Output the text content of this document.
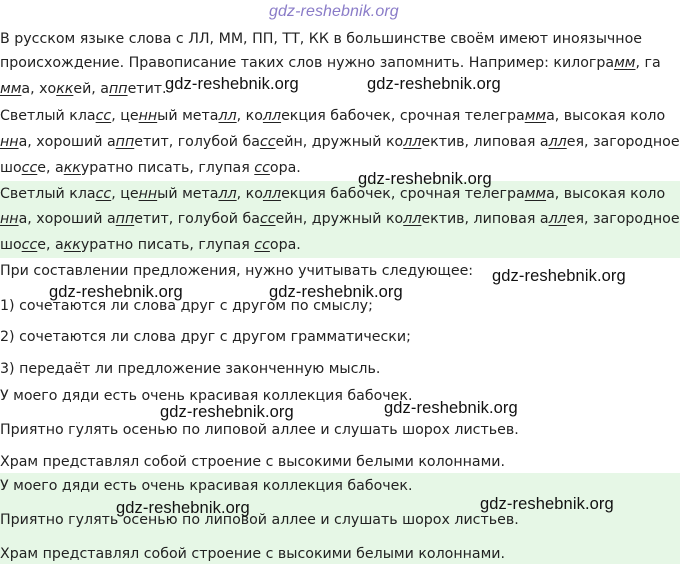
В русском языке слова с ЛЛ, ММ, ПП, ТТ, КК в большинстве своём имеют иноязычное
происхождение. Правописание таких слов нужно запомнить. Например: килограмм, га
мма, хоккей, аппетит.
Светлый класс, ценный металл, коллекция бабочек, срочная телеграмма, высокая коло
нна, хороший аппетит, голубой бассейн, дружный коллектив, липовая аллея, загородное
шоссе, аккуратно писать, глупая ссора.
Светлый класс, ценный металл, коллекция бабочек, срочная телеграмма, высокая коло
нна, хороший аппетит, голубой бассейн, дружный коллектив, липовая аллея, загородное
шоссе, аккуратно писать, глупая ссора.
При составлении предложения, нужно учитывать следующее:
1) сочетаются ли слова друг с другом по смыслу;
2) сочетаются ли слова друг с другом грамматически;
3) передаёт ли предложение законченную мысль.
У моего дяди есть очень красивая коллекция бабочек.
Приятно гулять осенью по липовой аллее и слушать шорох листьев.
Храм представлял собой строение с высокими белыми колоннами.
У моего дяди есть очень красивая коллекция бабочек.
Приятно гулять осенью по липовой аллее и слушать шорох листьев.
Храм представлял собой строение с высокими белыми колоннами.
gdz-reshebnik.org
gdz-reshebnik.org	gdz-reshebnik.org
gdz-reshebnik.org
gdz-reshebnik.org
gdz-reshebnik.org	gdz-reshebnik.org
gdz-reshebnik.org	gdz-reshebnik.org
gdz-reshebnik.org
gdz-reshebnik.org
